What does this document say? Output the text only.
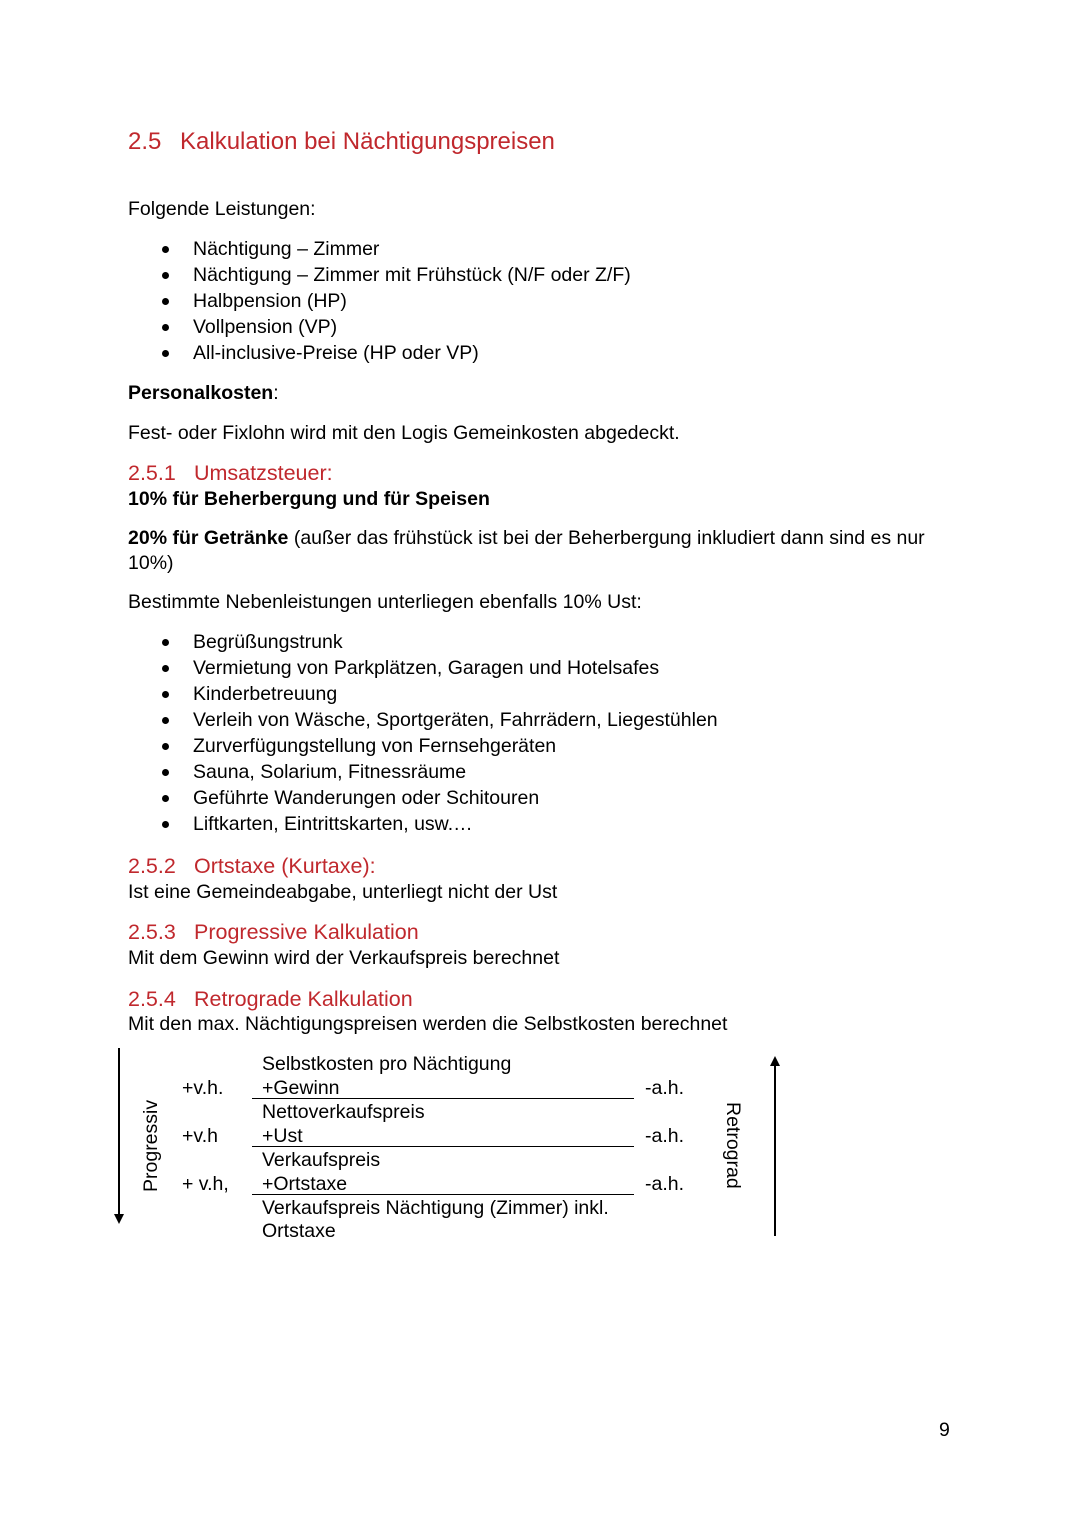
2.5 Kalkulation bei Nächtigungspreisen
Folgende Leistungen:
Nächtigung – Zimmer
Nächtigung – Zimmer mit Frühstück (N/F oder Z/F)
Halbpension (HP)
Vollpension (VP)
All-inclusive-Preise (HP oder VP)
Personalkosten:
Fest- oder Fixlohn wird mit den Logis Gemeinkosten abgedeckt.
2.5.1 Umsatzsteuer:
10% für Beherbergung und für Speisen
20% für Getränke (außer das frühstück ist bei der Beherbergung inkludiert dann sind es nur
10%)
Bestimmte Nebenleistungen unterliegen ebenfalls 10% Ust:
Begrüßungstrunk
Vermietung von Parkplätzen, Garagen und Hotelsafes
Kinderbetreuung
Verleih von Wäsche, Sportgeräten, Fahrrädern, Liegestühlen
Zurverfügungstellung von Fernsehgeräten
Sauna, Solarium, Fitnessräume
Geführte Wanderungen oder Schitouren
Liftkarten, Eintrittskarten, usw.…
2.5.2 Ortstaxe (Kurtaxe):
Ist eine Gemeindeabgabe, unterliegt nicht der Ust
2.5.3 Progressive Kalkulation
Mit dem Gewinn wird der Verkaufspreis berechnet
2.5.4 Retrograde Kalkulation
Mit den max. Nächtigungspreisen werden die Selbstkosten berechnet
Progressiv	Retrograd
Selbstkosten pro Nächtigung
+v.h. +Gewinn	-a.h.
Nettoverkaufspreis
+v.h +Ust	-a.h.
Verkaufspreis
+ v.h, +Ortstaxe	-a.h.
Verkaufspreis Nächtigung (Zimmer) inkl.
Ortstaxe
9
